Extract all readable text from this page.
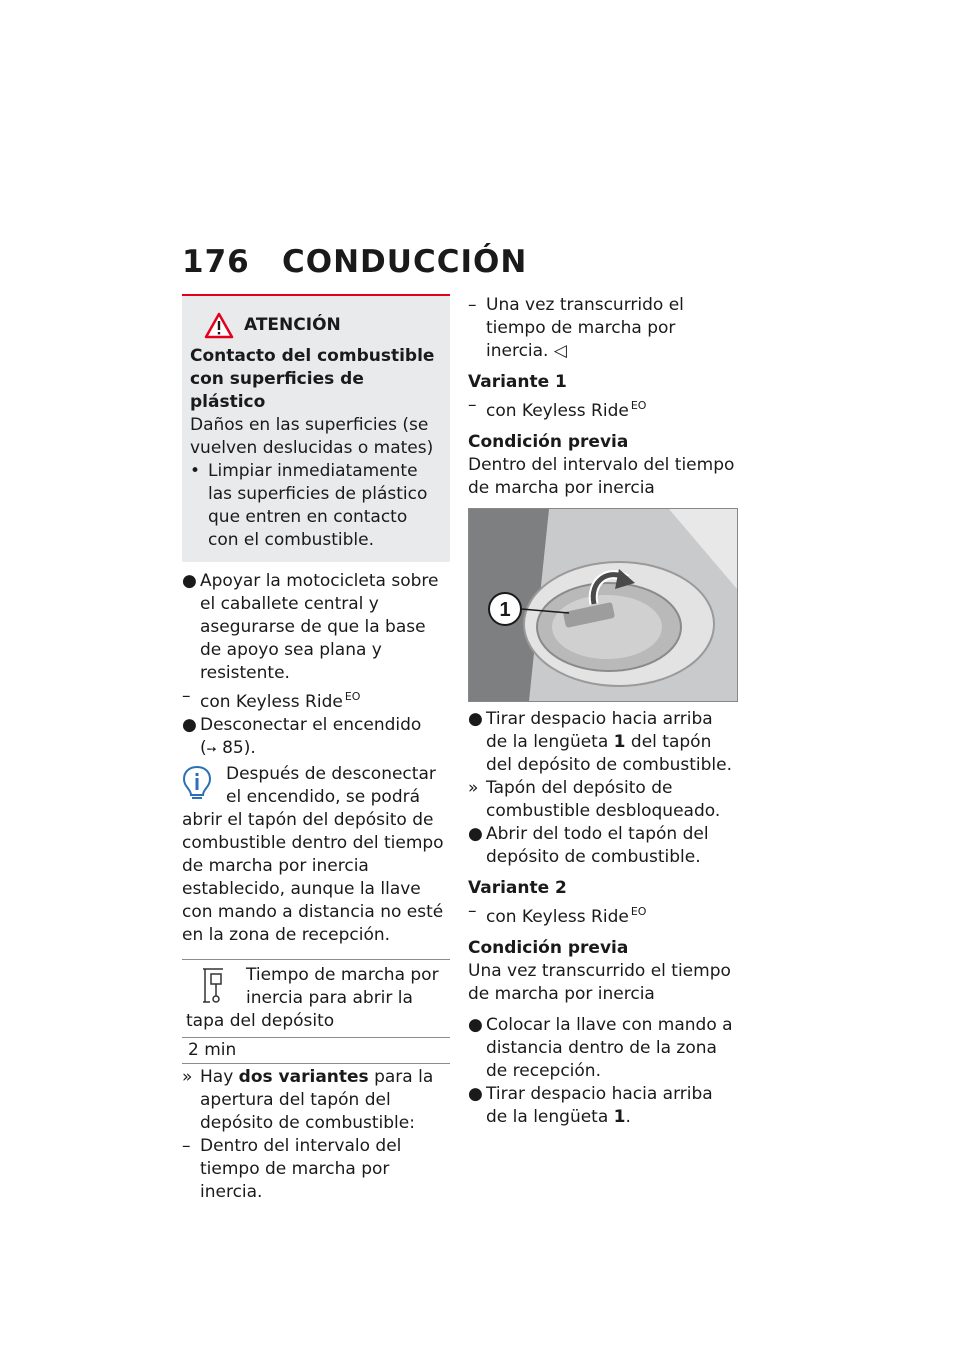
176 CONDUCCIÓN
ATENCIÓN
Contacto del combustible
con superficies de plástico

Daños en las superficies (se vuelven deslucidas o mates)

• Limpiar inmediatamente las superficies de plástico que entren en contacto con el combustible.
● Apoyar la motocicleta sobre el caballete central y asegurarse de que la base de apoyo sea plana y resistente.
– con Keyless Ride $^{EO}$
● Desconectar el encendido
(➙ 85).
Después de desconectar el encendido, se podrá abrir el tapón del depósito de combustible dentro del tiempo de marcha por inercia establecido, aunque la llave con mando a distancia no esté en la zona de recepción.
Tiempo de marcha por inercia para abrir la tapa del depósito
2 min
» Hay dos variantes para la apertura del tapón del depósito de combustible:
– Dentro del intervalo del tiempo de marcha por inercia.
– Una vez transcurrido el tiempo de marcha por inercia. ◁
Variante 1
– con Keyless Ride $^{EO}$
Condición previa

Dentro del intervalo del tiempo de marcha por inercia

1
● Tirar despacio hacia arriba de la lengüeta 1 del tapón del depósito de combustible.
» Tapón del depósito de combustible desbloqueado.
● Abrir del todo el tapón del depósito de combustible.
Variante 2
– con Keyless Ride $^{EO}$
Condición previa

Una vez transcurrido el tiempo de marcha por inercia

● Colocar la llave con mando a distancia dentro de la zona de recepción.
● Tirar despacio hacia arriba de la lengüeta 1.
